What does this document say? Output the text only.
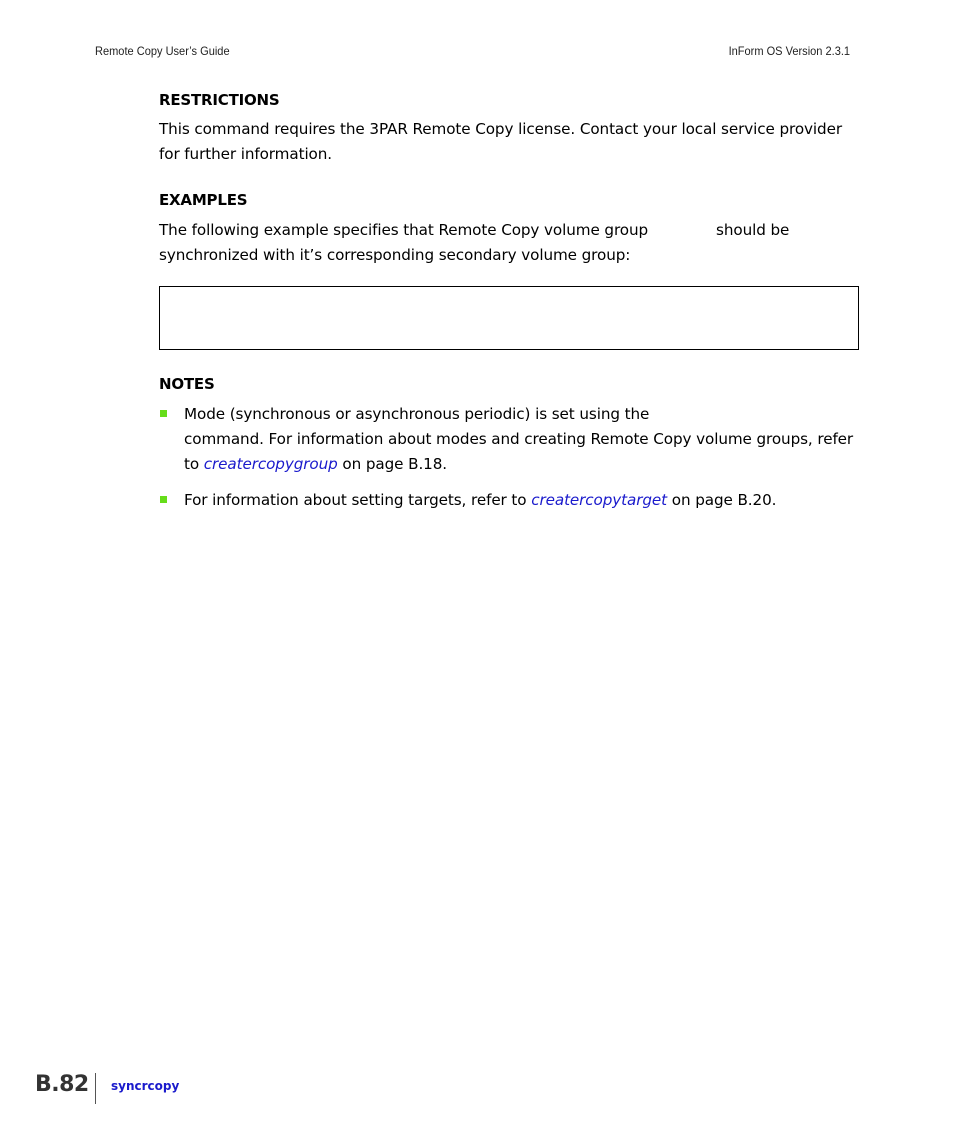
Remote Copy User’s Guide	InForm OS Version 2.3.1
RESTRICTIONS

This command requires the 3PAR Remote Copy license. Contact your local service provider for further information.

EXAMPLES

The following example specifies that Remote Copy volume group	should be synchronized with it’s corresponding secondary volume group:

NOTES
Mode (synchronous or asynchronous periodic) is set using the
command. For information about modes and creating Remote Copy volume groups, refer to creatercopygroup on page B.18.
For information about setting targets, refer to creatercopytarget on page B.20.
B.82 syncrcopy
